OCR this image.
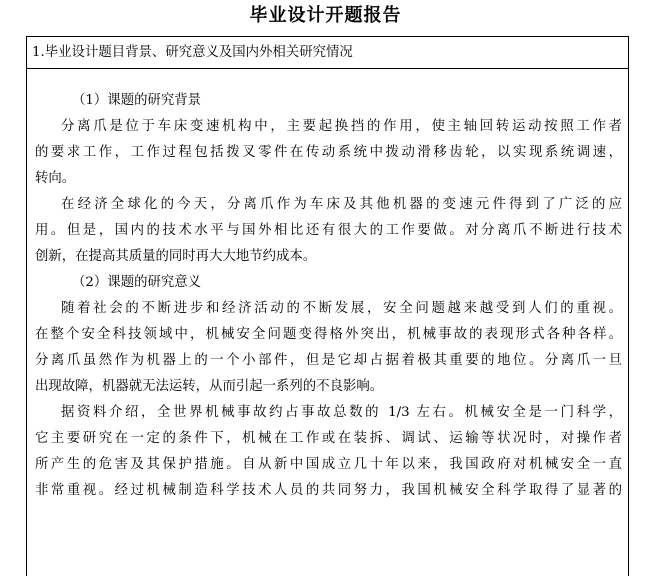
毕业设计开题报告
1.毕业设计题目背景、研究意义及国内外相关研究情况
（1）课题的研究背景
分离爪是位于车床变速机构中，主要起换挡的作用，使主轴回转运动按照工作者
的要求工作，工作过程包括拨叉零件在传动系统中拨动滑移齿轮，以实现系统调速，
转向。
在经济全球化的今天，分离爪作为车床及其他机器的变速元件得到了广泛的应
用。但是，国内的技术水平与国外相比还有很大的工作要做。对分离爪不断进行技术
创新，在提高其质量的同时再大大地节约成本。
（2）课题的研究意义
随着社会的不断进步和经济活动的不断发展，安全问题越来越受到人们的重视。
在整个安全科技领域中，机械安全问题变得格外突出，机械事故的表现形式各种各样。
分离爪虽然作为机器上的一个小部件，但是它却占据着极其重要的地位。分离爪一旦
出现故障，机器就无法运转，从而引起一系列的不良影响。
据资料介绍，全世界机械事故约占事故总数的 1/3 左右。机械安全是一门科学，
它主要研究在一定的条件下，机械在工作或在装拆、调试、运输等状况时，对操作者
所产生的危害及其保护措施。自从新中国成立几十年以来，我国政府对机械安全一直
非常重视。经过机械制造科学技术人员的共同努力，我国机械安全科学取得了显著的
